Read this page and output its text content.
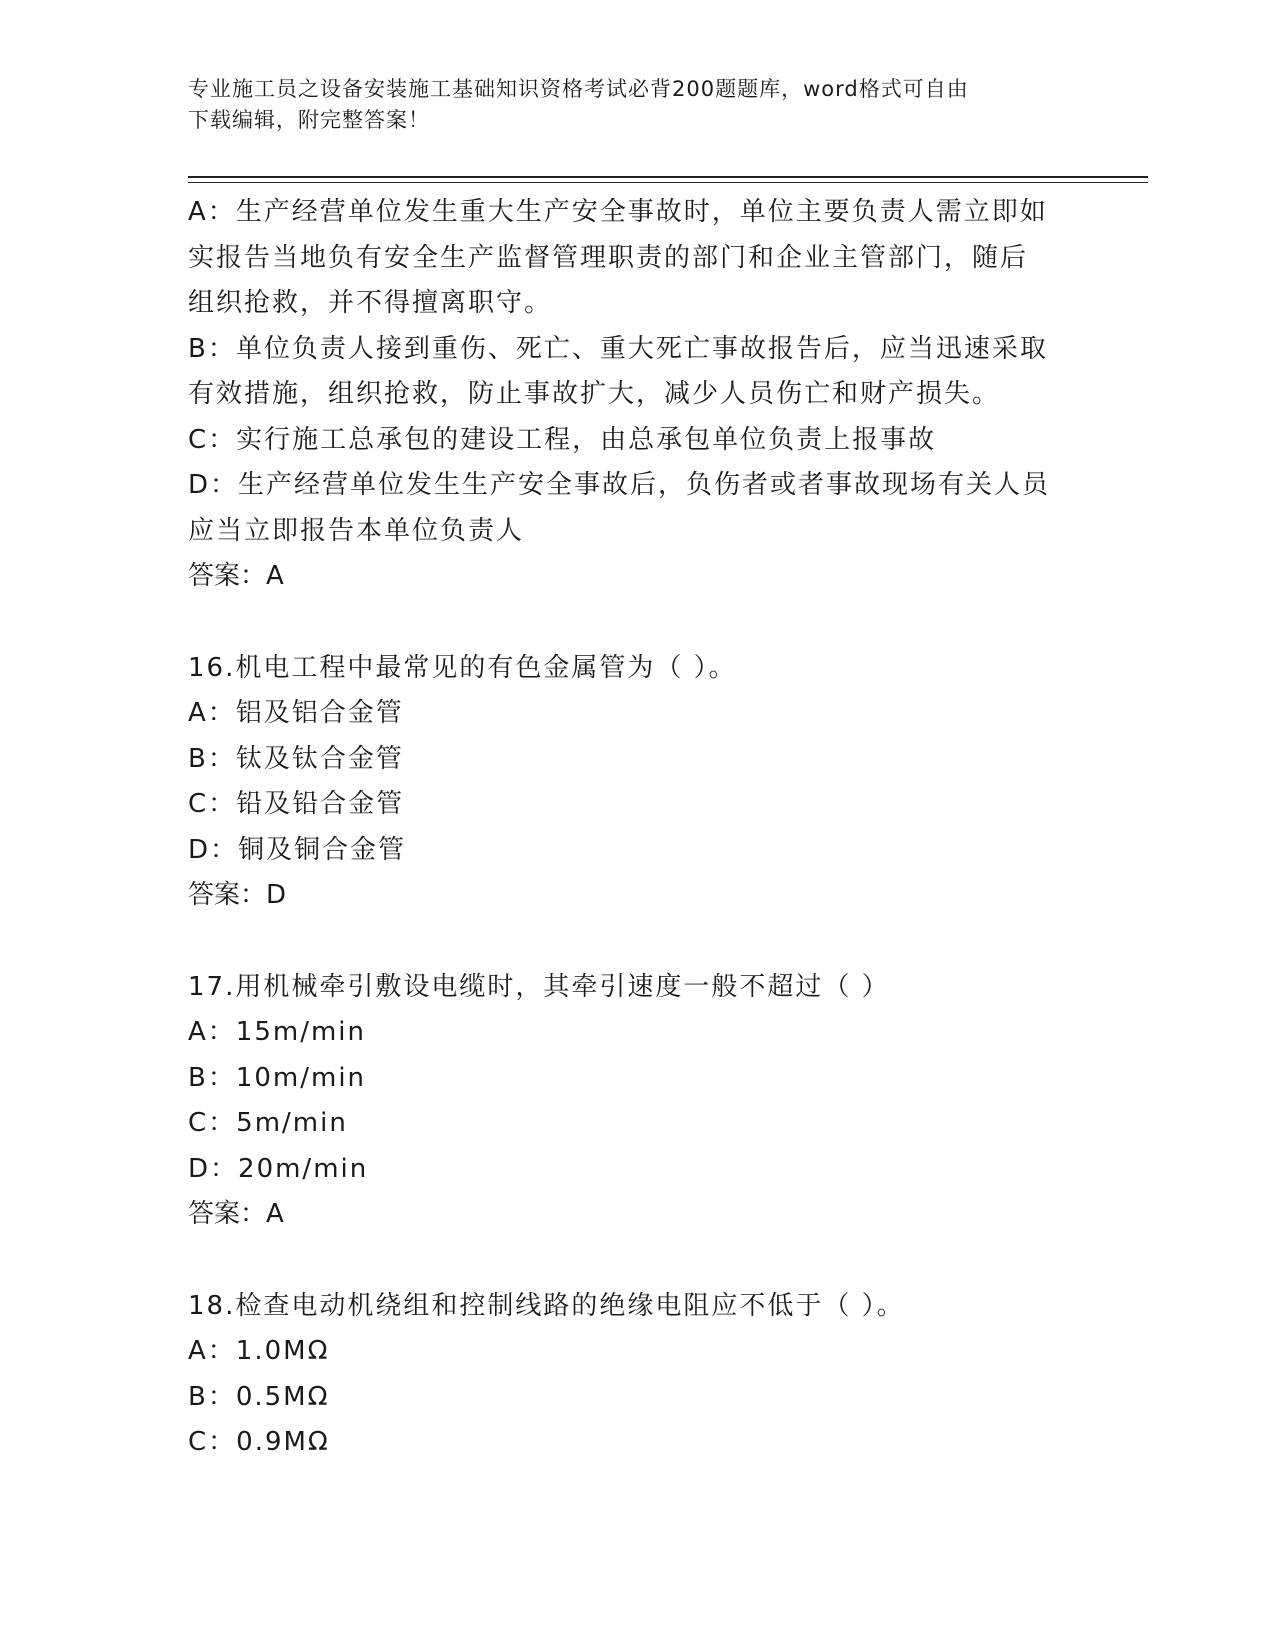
专业施工员之设备安装施工基础知识资格考试必背200题题库，word格式可自由
下载编辑，附完整答案！
A：生产经营单位发生重大生产安全事故时，单位主要负责人需立即如
实报告当地负有安全生产监督管理职责的部门和企业主管部门，随后
组织抢救，并不得擅离职守。
B：单位负责人接到重伤、死亡、重大死亡事故报告后，应当迅速采取
有效措施，组织抢救，防止事故扩大，减少人员伤亡和财产损失。
C：实行施工总承包的建设工程，由总承包单位负责上报事故
D：生产经营单位发生生产安全事故后，负伤者或者事故现场有关人员
应当立即报告本单位负责人
答案：A
16.机电工程中最常见的有色金属管为（ ）。
A：铝及铝合金管
B：钛及钛合金管
C：铅及铅合金管
D：铜及铜合金管
答案：D
17.用机械牵引敷设电缆时，其牵引速度一般不超过（ ）
A：15m/min
B：10m/min
C：5m/min
D：20m/min
答案：A
18.检查电动机绕组和控制线路的绝缘电阻应不低于（ ）。
A：1.0MΩ
B：0.5MΩ
C：0.9MΩ
